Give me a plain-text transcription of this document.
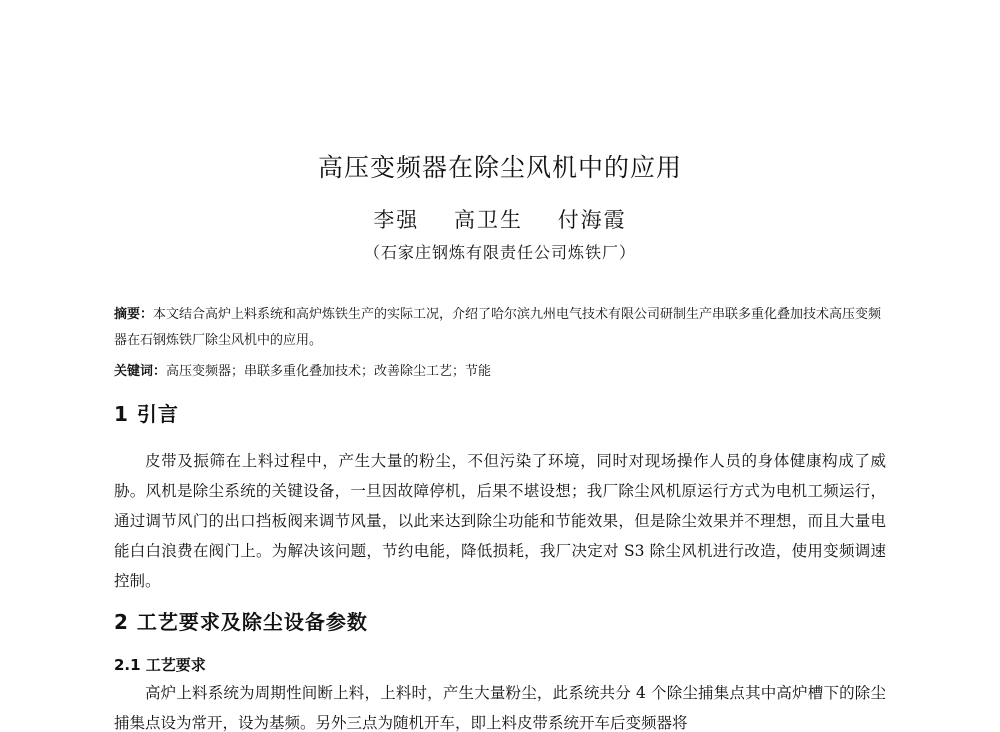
高压变频器在除尘风机中的应用

李强 高卫生 付海霞

（石家庄钢炼有限责任公司炼铁厂）

摘要：本文结合高炉上料系统和高炉炼铁生产的实际工况，介绍了哈尔滨九州电气技术有限公司研制生产串联多重化叠加技术高压变频器在石钢炼铁厂除尘风机中的应用。

关键词：高压变频器；串联多重化叠加技术；改善除尘工艺；节能

1 引言

皮带及振筛在上料过程中，产生大量的粉尘，不但污染了环境，同时对现场操作人员的身体健康构成了威胁。风机是除尘系统的关键设备，一旦因故障停机，后果不堪设想；我厂除尘风机原运行方式为电机工频运行，通过调节风门的出口挡板阀来调节风量，以此来达到除尘功能和节能效果，但是除尘效果并不理想，而且大量电能白白浪费在阀门上。为解决该问题，节约电能，降低损耗，我厂决定对 S3 除尘风机进行改造，使用变频调速控制。

2 工艺要求及除尘设备参数
2.1 工艺要求

高炉上料系统为周期性间断上料，上料时，产生大量粉尘，此系统共分 4 个除尘捕集点其中高炉槽下的除尘捕集点设为常开，设为基频。另外三点为随机开车，即上料皮带系统开车后变频器将
